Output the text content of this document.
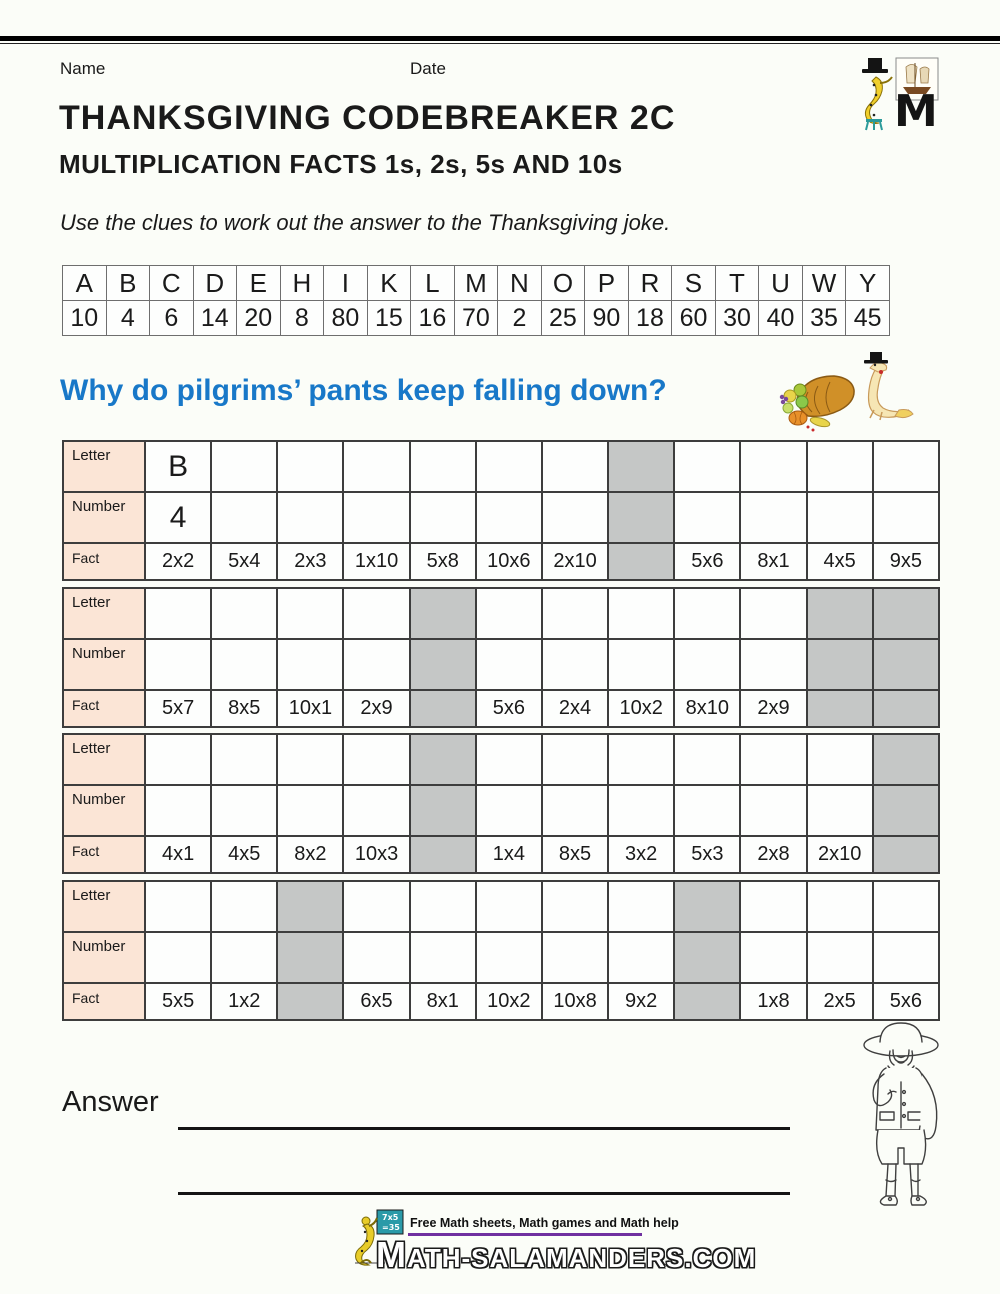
Name	Date
M
THANKSGIVING CODEBREAKER 2C
MULTIPLICATION FACTS 1s, 2s, 5s AND 10s

Use the clues to work out the answer to the Thanksgiving joke.

A	B	C	D	E	H	I	K	L	M	N	O	P	R	S	T	U	W	Y
10	4	6	14	20	8	80	15	16	70	2	25	90	18	60	30	40	35	45
Why do pilgrims’ pants keep falling down?
Letter	B											
Number	4											
Fact	2x2	5x4	2x3	1x10	5x8	10x6	2x10		5x6	8x1	4x5	9x5
Letter												
Number												
Fact	5x7	8x5	10x1	2x9		5x6	2x4	10x2	8x10	2x9		
Letter												
Number												
Fact	4x1	4x5	8x2	10x3		1x4	8x5	3x2	5x3	2x8	2x10	
Letter												
Number												
Fact	5x5	1x2		6x5	8x1	10x2	10x8	9x2		1x8	2x5	5x6
Answer
7x5
=35 Free Math sheets, Math games and Math help
MATH-SALAMANDERS.COM
